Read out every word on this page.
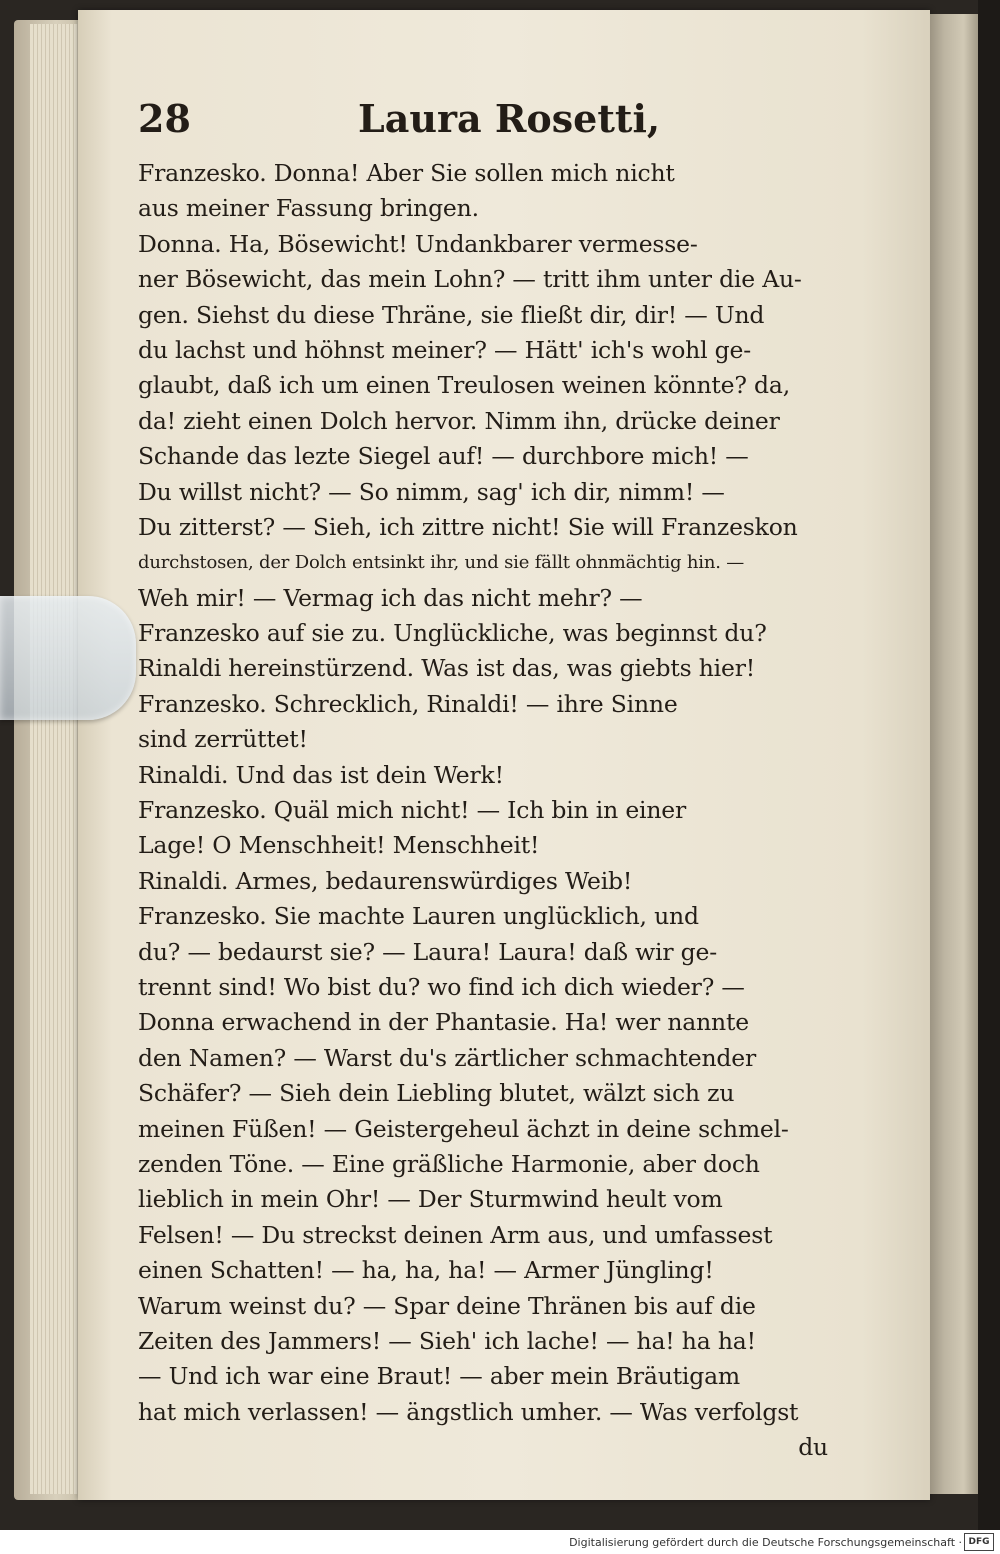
28	Laura Rosetti,
Franzesko. Donna! Aber Sie sollen mich nicht
aus meiner Fassung bringen.
Donna. Ha, Bösewicht! Undankbarer vermesse-
ner Bösewicht, das mein Lohn? — tritt ihm unter die Au-
gen. Siehst du diese Thräne, sie fließt dir, dir! — Und
du lachst und höhnst meiner? — Hätt' ich's wohl ge-
glaubt, daß ich um einen Treulosen weinen könnte? da,
da! zieht einen Dolch hervor. Nimm ihn, drücke deiner
Schande das lezte Siegel auf! — durchbore mich! —
Du willst nicht? — So nimm, sag' ich dir, nimm! —
Du zitterst? — Sieh, ich zittre nicht! Sie will Franzeskon
durchstosen, der Dolch entsinkt ihr, und sie fällt ohnmächtig hin. —
Weh mir! — Vermag ich das nicht mehr? —
Franzesko auf sie zu. Unglückliche, was beginnst du?
Rinaldi hereinstürzend. Was ist das, was giebts hier!
Franzesko. Schrecklich, Rinaldi! — ihre Sinne
sind zerrüttet!
Rinaldi. Und das ist dein Werk!
Franzesko. Quäl mich nicht! — Ich bin in einer
Lage! O Menschheit! Menschheit!
Rinaldi. Armes, bedaurenswürdiges Weib!
Franzesko. Sie machte Lauren unglücklich, und
du? — bedaurst sie? — Laura! Laura! daß wir ge-
trennt sind! Wo bist du? wo find ich dich wieder? —
Donna erwachend in der Phantasie. Ha! wer nannte
den Namen? — Warst du's zärtlicher schmachtender
Schäfer? — Sieh dein Liebling blutet, wälzt sich zu
meinen Füßen! — Geistergeheul ächzt in deine schmel-
zenden Töne. — Eine gräßliche Harmonie, aber doch
lieblich in mein Ohr! — Der Sturmwind heult vom
Felsen! — Du streckst deinen Arm aus, und umfassest
einen Schatten! — ha, ha, ha! — Armer Jüngling!
Warum weinst du? — Spar deine Thränen bis auf die
Zeiten des Jammers! — Sieh' ich lache! — ha! ha ha!
— Und ich war eine Braut! — aber mein Bräutigam
hat mich verlassen! — ängstlich umher. — Was verfolgst
du
Digitalisierung gefördert durch die Deutsche Forschungsgemeinschaft · DFG
